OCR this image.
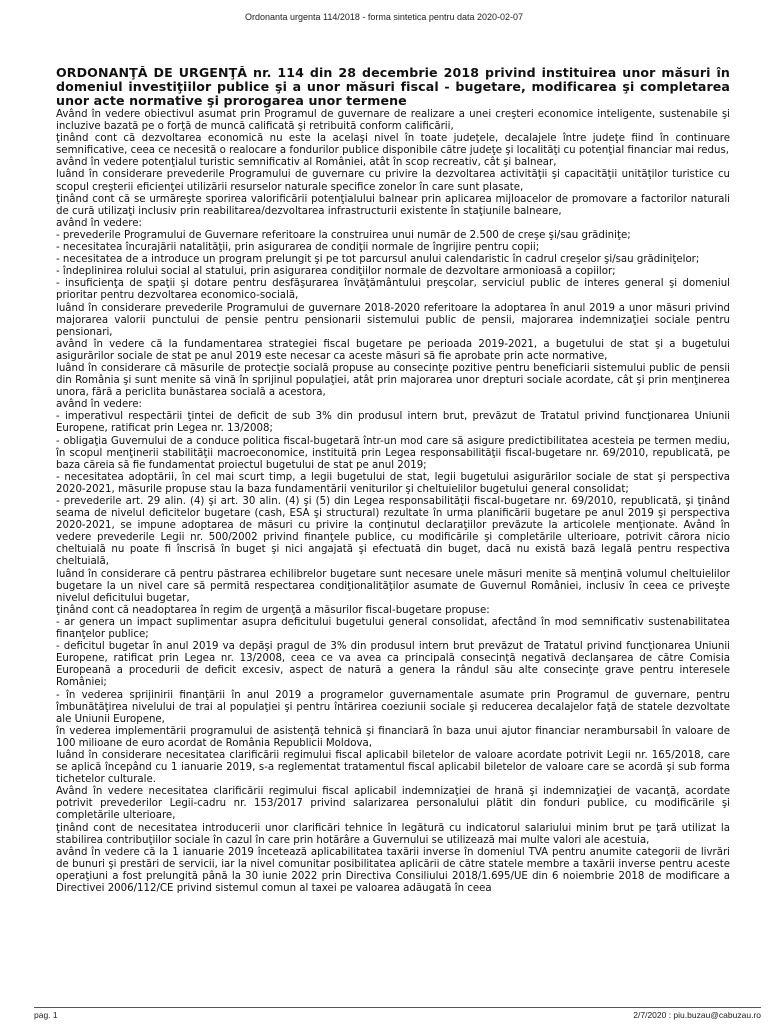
Ordonanta urgenta 114/2018 - forma sintetica pentru data 2020-02-07
ORDONANŢĂ DE URGENŢĂ nr. 114 din 28 decembrie 2018 privind instituirea unor măsuri în domeniul investiţiilor publice şi a unor măsuri fiscal - bugetare, modificarea şi completarea unor acte normative şi prorogarea unor termene

Având în vedere obiectivul asumat prin Programul de guvernare de realizare a unei creşteri economice inteligente, sustenabile şi incluzive bazată pe o forţă de muncă calificată şi retribuită conform calificării,

ţinând cont că dezvoltarea economică nu este la acelaşi nivel în toate judeţele, decalajele între judeţe fiind în continuare semnificative, ceea ce necesită o realocare a fondurilor publice disponibile către judeţe şi localităţi cu potenţial financiar mai redus,

având în vedere potenţialul turistic semnificativ al României, atât în scop recreativ, cât şi balnear,

luând în considerare prevederile Programului de guvernare cu privire la dezvoltarea activităţii şi capacităţii unităţilor turistice cu scopul creşterii eficienţei utilizării resurselor naturale specifice zonelor în care sunt plasate,

ţinând cont că se urmăreşte sporirea valorificării potenţialului balnear prin aplicarea mijloacelor de promovare a factorilor naturali de cură utilizaţi inclusiv prin reabilitarea/dezvoltarea infrastructurii existente în staţiunile balneare,

având în vedere:

- prevederile Programului de Guvernare referitoare la construirea unui număr de 2.500 de creşe şi/sau grădiniţe;

- necesitatea încurajării natalităţii, prin asigurarea de condiţii normale de îngrijire pentru copii;

- necesitatea de a introduce un program prelungit şi pe tot parcursul anului calendaristic în cadrul creşelor şi/sau grădiniţelor;

- îndeplinirea rolului social al statului, prin asigurarea condiţiilor normale de dezvoltare armonioasă a copiilor;

- insuficienţa de spaţii şi dotare pentru desfăşurarea învăţământului preşcolar, serviciul public de interes general şi domeniul prioritar pentru dezvoltarea economico-socială,

luând în considerare prevederile Programului de guvernare 2018-2020 referitoare la adoptarea în anul 2019 a unor măsuri privind majorarea valorii punctului de pensie pentru pensionarii sistemului public de pensii, majorarea indemnizaţiei sociale pentru pensionari,

având în vedere că la fundamentarea strategiei fiscal bugetare pe perioada 2019-2021, a bugetului de stat şi a bugetului asigurărilor sociale de stat pe anul 2019 este necesar ca aceste măsuri să fie aprobate prin acte normative,

luând în considerare că măsurile de protecţie socială propuse au consecinţe pozitive pentru beneficiarii sistemului public de pensii din România şi sunt menite să vină în sprijinul populaţiei, atât prin majorarea unor drepturi sociale acordate, cât şi prin menţinerea unora, fără a periclita bunăstarea socială a acestora,

având în vedere:

- imperativul respectării ţintei de deficit de sub 3% din produsul intern brut, prevăzut de Tratatul privind funcţionarea Uniunii Europene, ratificat prin Legea nr. 13/2008;

- obligaţia Guvernului de a conduce politica fiscal-bugetară într-un mod care să asigure predictibilitatea acesteia pe termen mediu, în scopul menţinerii stabilităţii macroeconomice, instituită prin Legea responsabilităţii fiscal-bugetare nr. 69/2010, republicată, pe baza căreia să fie fundamentat proiectul bugetului de stat pe anul 2019;

- necesitatea adoptării, în cel mai scurt timp, a legii bugetului de stat, legii bugetului asigurărilor sociale de stat şi perspectiva 2020-2021, măsurile propuse stau la baza fundamentării veniturilor şi cheltuielilor bugetului general consolidat;

- prevederile art. 29 alin. (4) şi art. 30 alin. (4) şi (5) din Legea responsabilităţii fiscal-bugetare nr. 69/2010, republicată, şi ţinând seama de nivelul deficitelor bugetare (cash, ESA şi structural) rezultate în urma planificării bugetare pe anul 2019 şi perspectiva 2020-2021, se impune adoptarea de măsuri cu privire la conţinutul declaraţiilor prevăzute la articolele menţionate. Având în vedere prevederile Legii nr. 500/2002 privind finanţele publice, cu modificările şi completările ulterioare, potrivit cărora nicio cheltuială nu poate fi înscrisă în buget şi nici angajată şi efectuată din buget, dacă nu există bază legală pentru respectiva cheltuială,

luând în considerare că pentru păstrarea echilibrelor bugetare sunt necesare unele măsuri menite să menţină volumul cheltuielilor bugetare la un nivel care să permită respectarea condiţionalităţilor asumate de Guvernul României, inclusiv în ceea ce priveşte nivelul deficitului bugetar,

ţinând cont că neadoptarea în regim de urgenţă a măsurilor fiscal-bugetare propuse:

- ar genera un impact suplimentar asupra deficitului bugetului general consolidat, afectând în mod semnificativ sustenabilitatea finanţelor publice;

- deficitul bugetar în anul 2019 va depăşi pragul de 3% din produsul intern brut prevăzut de Tratatul privind funcţionarea Uniunii Europene, ratificat prin Legea nr. 13/2008, ceea ce va avea ca principală consecinţă negativă declanşarea de către Comisia Europeană a procedurii de deficit excesiv, aspect de natură a genera la rândul său alte consecinţe grave pentru interesele României;

- în vederea sprijinirii finanţării în anul 2019 a programelor guvernamentale asumate prin Programul de guvernare, pentru îmbunătăţirea nivelului de trai al populaţiei şi pentru întărirea coeziunii sociale şi reducerea decalajelor faţă de statele dezvoltate ale Uniunii Europene,

în vederea implementării programului de asistenţă tehnică şi financiară în baza unui ajutor financiar nerambursabil în valoare de 100 milioane de euro acordat de România Republicii Moldova,

luând în considerare necesitatea clarificării regimului fiscal aplicabil biletelor de valoare acordate potrivit Legii nr. 165/2018, care se aplică începând cu 1 ianuarie 2019, s-a reglementat tratamentul fiscal aplicabil biletelor de valoare care se acordă şi sub forma tichetelor culturale.

Având în vedere necesitatea clarificării regimului fiscal aplicabil indemnizaţiei de hrană şi indemnizaţiei de vacanţă, acordate potrivit prevederilor Legii-cadru nr. 153/2017 privind salarizarea personalului plătit din fonduri publice, cu modificările şi completările ulterioare,

ţinând cont de necesitatea introducerii unor clarificări tehnice în legătură cu indicatorul salariului minim brut pe ţară utilizat la stabilirea contribuţiilor sociale în cazul în care prin hotărâre a Guvernului se utilizează mai multe valori ale acestuia,

având în vedere că la 1 ianuarie 2019 încetează aplicabilitatea taxării inverse în domeniul TVA pentru anumite categorii de livrări de bunuri şi prestări de servicii, iar la nivel comunitar posibilitatea aplicării de către statele membre a taxării inverse pentru aceste operaţiuni a fost prelungită până la 30 iunie 2022 prin Directiva Consiliului 2018/1.695/UE din 6 noiembrie 2018 de modificare a Directivei 2006/112/CE privind sistemul comun al taxei pe valoarea adăugată în ceea

pag. 1	2/7/2020 : piu.buzau@cabuzau.ro
